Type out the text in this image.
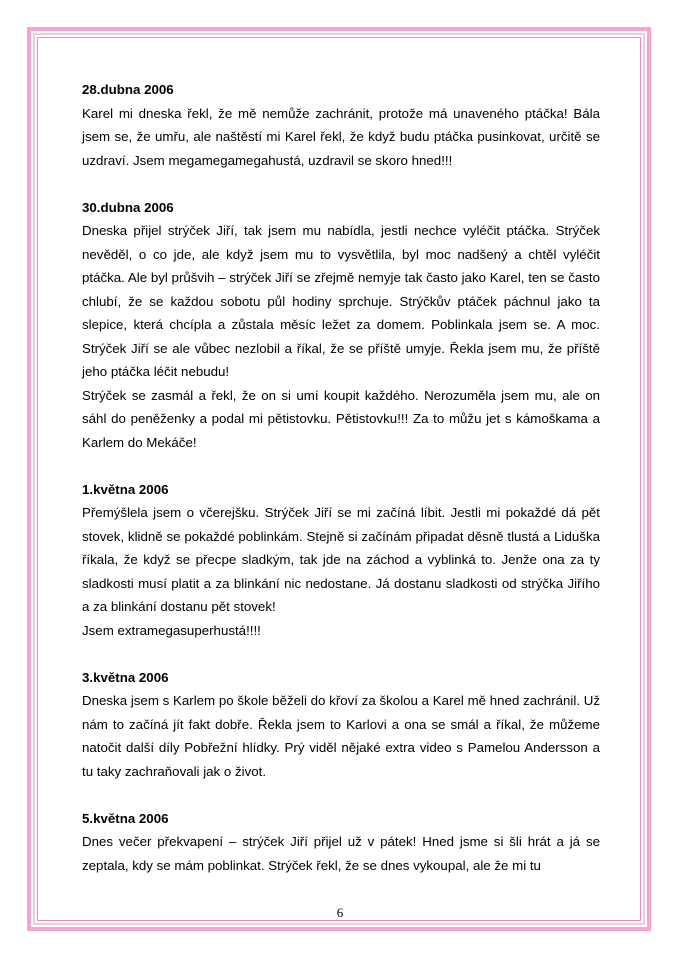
28.dubna 2006

Karel mi dneska řekl, že mě nemůže zachránit, protože má unaveného ptáčka! Bála jsem se, že umřu, ale naštěstí mi Karel řekl, že když budu ptáčka pusinkovat, určitě se uzdraví. Jsem megamegamegahustá, uzdravil se skoro hned!!!

30.dubna 2006

Dneska přijel strýček Jiří, tak jsem mu nabídla, jestli nechce vyléčit ptáčka. Strýček nevěděl, o co jde, ale když jsem mu to vysvětlila, byl moc nadšený a chtěl vyléčit ptáčka. Ale byl průšvih – strýček Jiří se zřejmě nemyje tak často jako Karel, ten se často chlubí, že se každou sobotu půl hodiny sprchuje. Strýčkův ptáček páchnul jako ta slepice, která chcípla a zůstala měsíc ležet za domem. Poblinkala jsem se. A moc. Strýček Jiří se ale vůbec nezlobil a říkal, že se příště umyje. Řekla jsem mu, že příště jeho ptáčka léčit nebudu!

Strýček se zasmál a řekl, že on si umí koupit každého. Nerozuměla jsem mu, ale on sáhl do peněženky a podal mi pětistovku. Pětistovku!!! Za to můžu jet s kámoškama a Karlem do Mekáče!

1.května 2006

Přemýšlela jsem o včerejšku. Strýček Jiří se mi začíná líbit. Jestli mi pokaždé dá pět stovek, klidně se pokaždé poblinkám. Stejně si začínám připadat děsně tlustá a Liduška říkala, že když se přecpe sladkým, tak jde na záchod a vyblinká to. Jenže ona za ty sladkosti musí platit a za blinkání nic nedostane. Já dostanu sladkosti od strýčka Jiřího a za blinkání dostanu pět stovek!

Jsem extramegasuperhustá!!!!

3.května 2006

Dneska jsem s Karlem po škole běželi do křoví za školou a Karel mě hned zachránil. Už nám to začíná jít fakt dobře. Řekla jsem to Karlovi a ona se smál a říkal, že můžeme natočit další díly Pobřežní hlídky. Prý viděl nějaké extra video s Pamelou Andersson a tu taky zachraňovali jak o život.

5.května 2006

Dnes večer překvapení – strýček Jiří přijel už v pátek! Hned jsme si šli hrát a já se zeptala, kdy se mám poblinkat. Strýček řekl, že se dnes vykoupal, ale že mi tu

6
